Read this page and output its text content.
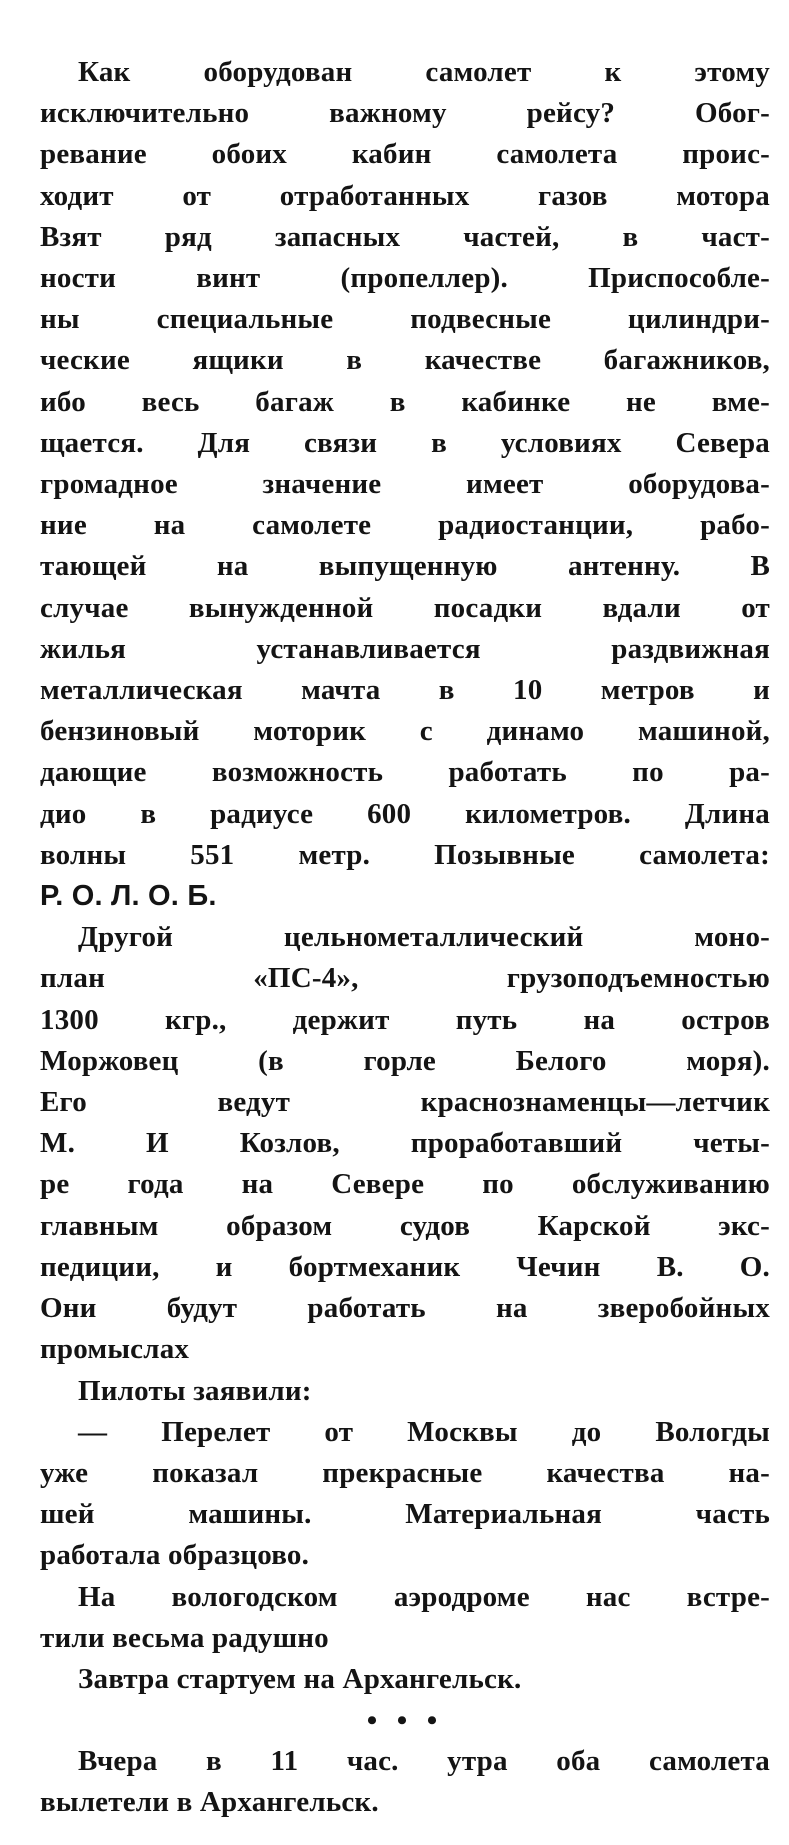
Как оборудован самолет к этому
исключительно важному рейсу? Обог-
ревание обоих кабин самолета проис-
ходит от отработанных газов мотора
Взят ряд запасных частей, в част-
ности винт (пропеллер). Приспособле-
ны специальные подвесные цилиндри-
ческие ящики в качестве багажников,
ибо весь багаж в кабинке не вме-
щается. Для связи в условиях Севера
громадное значение имеет оборудова-
ние на самолете радиостанции, рабо-
тающей на выпущенную антенну. В
случае вынужденной посадки вдали от
жилья устанавливается раздвижная
металлическая мачта в 10 метров и
бензиновый моторик с динамо машиной,
дающие возможность работать по ра-
дио в радиусе 600 километров. Длина
волны 551 метр. Позывные самолета:
Р. О. Л. О. Б.
Другой цельнометаллический моно-
план «ПС-4», грузоподъемностью
1300 кгр., держит путь на остров
Моржовец (в горле Белого моря).
Его ведут краснознаменцы—летчик
М. И Козлов, проработавший четы-
ре года на Севере по обслуживанию
главным образом судов Карской экс-
педиции, и бортмеханик Чечин В. О.
Они будут работать на зверобойных
промыслах
Пилоты заявили:
— Перелет от Москвы до Вологды
уже показал прекрасные качества на-
шей машины. Материальная часть
работала образцово.
На вологодском аэродроме нас встре-
тили весьма радушно
Завтра стартуем на Архангельск.
• • •
Вчера в 11 час. утра оба самолета
вылетели в Архангельск.
